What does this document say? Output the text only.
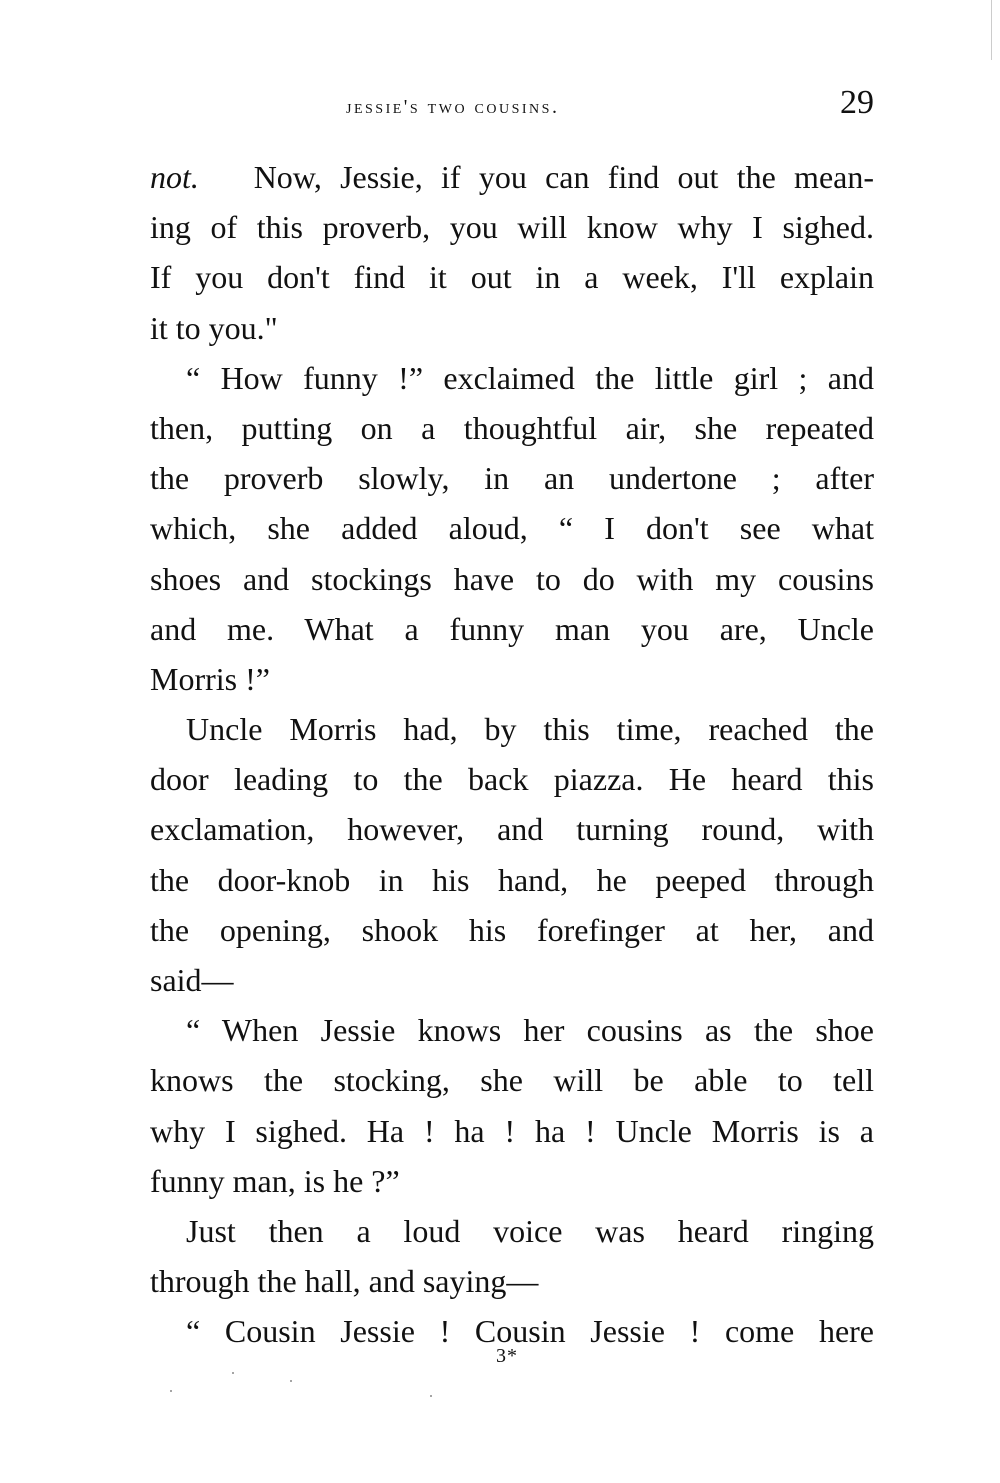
jessie's two cousins.	29
not. Now, Jessie, if you can find out the mean-
ing of this proverb, you will know why I sighed.
If you don't find it out in a week, I'll explain
it to you."
“ How funny !” exclaimed the little girl ; and
then, putting on a thoughtful air, she repeated
the proverb slowly, in an undertone ; after
which, she added aloud, “ I don't see what
shoes and stockings have to do with my cousins
and me. What a funny man you are, Uncle
Morris !”
Uncle Morris had, by this time, reached the
door leading to the back piazza. He heard this
exclamation, however, and turning round, with
the door-knob in his hand, he peeped through
the opening, shook his forefinger at her, and
said—
“ When Jessie knows her cousins as the shoe
knows the stocking, she will be able to tell
why I sighed. Ha ! ha ! ha ! Uncle Morris is a
funny man, is he ?”
Just then a loud voice was heard ringing
through the hall, and saying—
“ Cousin Jessie ! Cousin Jessie ! come here
3*
